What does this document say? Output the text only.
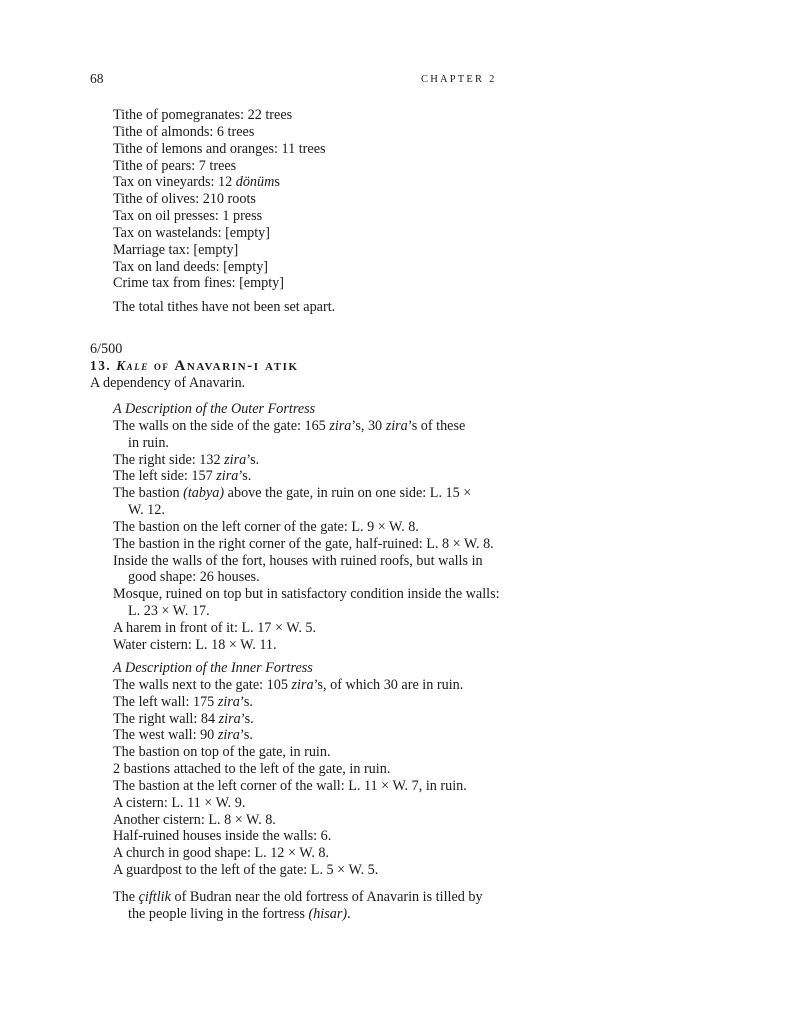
68	CHAPTER 2
Tithe of pomegranates: 22 trees
Tithe of almonds: 6 trees
Tithe of lemons and oranges: 11 trees
Tithe of pears: 7 trees
Tax on vineyards: 12 dönüms
Tithe of olives: 210 roots
Tax on oil presses: 1 press
Tax on wastelands: [empty]
Marriage tax: [empty]
Tax on land deeds: [empty]
Crime tax from fines: [empty]
The total tithes have not been set apart.
6/500
13. Kale of Anavarin-i atik
A dependency of Anavarin.
A Description of the Outer Fortress
The walls on the side of the gate: 165 zira’s, 30 zira’s of these
in ruin.
The right side: 132 zira’s.
The left side: 157 zira’s.
The bastion (tabya) above the gate, in ruin on one side: L. 15 ×
W. 12.
The bastion on the left corner of the gate: L. 9 × W. 8.
The bastion in the right corner of the gate, half-ruined: L. 8 × W. 8.
Inside the walls of the fort, houses with ruined roofs, but walls in
good shape: 26 houses.
Mosque, ruined on top but in satisfactory condition inside the walls:
L. 23 × W. 17.
A harem in front of it: L. 17 × W. 5.
Water cistern: L. 18 × W. 11.
A Description of the Inner Fortress
The walls next to the gate: 105 zira’s, of which 30 are in ruin.
The left wall: 175 zira’s.
The right wall: 84 zira’s.
The west wall: 90 zira’s.
The bastion on top of the gate, in ruin.
2 bastions attached to the left of the gate, in ruin.
The bastion at the left corner of the wall: L. 11 × W. 7, in ruin.
A cistern: L. 11 × W. 9.
Another cistern: L. 8 × W. 8.
Half-ruined houses inside the walls: 6.
A church in good shape: L. 12 × W. 8.
A guardpost to the left of the gate: L. 5 × W. 5.
The çiftlik of Budran near the old fortress of Anavarin is tilled by
the people living in the fortress (hisar).
